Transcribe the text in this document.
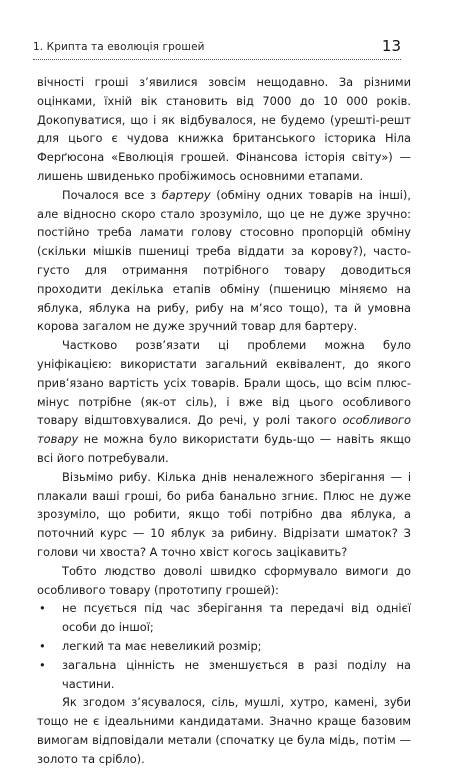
1. Крипта та еволюція грошей	13

вічності гроші з’явилися зовсім нещодавно. За різними оцінками, їхній вік становить від 7000 до 10 000 років. Докопуватися, що і як відбувалося, не будемо (урешті-решт для цього є чудова книжка британського історика Ніла Ферґюсона «Еволюція грошей. Фінансова історія світу») — лишень швиденько пробіжимось основними етапами.

Почалося все з бартеру (обміну одних товарів на інші), але відносно скоро стало зрозуміло, що це не дуже зручно: постійно треба ламати голову стосовно пропорцій обміну (скільки мішків пшениці треба віддати за корову?), часто-густо для отримання потрібного товару доводиться проходити декілька етапів обміну (пшеницю міняємо на яблука, яблука на рибу, рибу на м’ясо тощо), та й умовна корова загалом не дуже зручний товар для бартеру.

Частково розв’язати ці проблеми можна було уніфікацією: використати загальний еквівалент, до якого прив’язано вартість усіх товарів. Брали щось, що всім плюс-мінус потрібне (як-от сіль), і вже від цього особливого товару відштовхувалися. До речі, у ролі такого особливого товару не можна було використати будь-що — навіть якщо всі його потребували.

Візьмімо рибу. Кілька днів неналежного зберігання — і плакали ваші гроші, бо риба банально згниє. Плюс не дуже зрозуміло, що робити, якщо тобі потрібно два яблука, а поточний курс — 10 яблук за рибину. Відрізати шматок? З голови чи хвоста? А точно хвіст когось зацікавить?

Тобто людство доволі швидко сформувало вимоги до особливого товару (прототипу грошей):

• не псується під час зберігання та передачі від однієї особи до іншої;
• легкий та має невеликий розмір;
• загальна цінність не зменшується в разі поділу на частини.

Як згодом з’ясувалося, сіль, мушлі, хутро, камені, зуби тощо не є ідеальними кандидатами. Значно краще базовим вимогам відповідали метали (спочатку це була мідь, потім — золото та срібло).
